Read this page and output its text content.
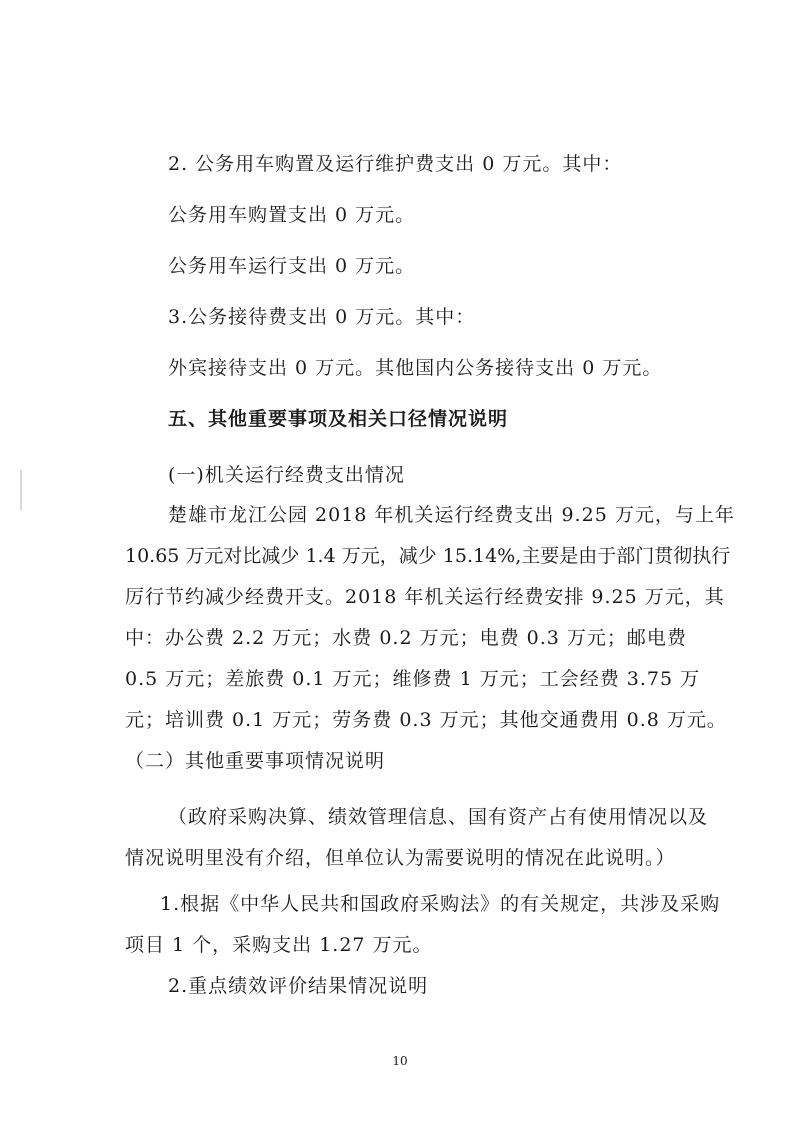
2. 公务用车购置及运行维护费支出 0 万元。其中：
公务用车购置支出 0 万元。
公务用车运行支出 0 万元。
3.公务接待费支出 0 万元。其中：
外宾接待支出 0 万元。其他国内公务接待支出 0 万元。
五、其他重要事项及相关口径情况说明
(一)机关运行经费支出情况
楚雄市龙江公园 2018 年机关运行经费支出 9.25 万元，与上年
10.65 万元对比减少 1.4 万元，减少 15.14%,主要是由于部门贯彻执行
厉行节约减少经费开支。2018 年机关运行经费安排 9.25 万元，其
中：办公费 2.2 万元；水费 0.2 万元；电费 0.3 万元；邮电费
0.5 万元；差旅费 0.1 万元；维修费 1 万元；工会经费 3.75 万
元；培训费 0.1 万元；劳务费 0.3 万元；其他交通费用 0.8 万元。
（二）其他重要事项情况说明
（政府采购决算、绩效管理信息、国有资产占有使用情况以及
情况说明里没有介绍，但单位认为需要说明的情况在此说明。）
1.根据《中华人民共和国政府采购法》的有关规定，共涉及采购
项目 1 个，采购支出 1.27 万元。
2.重点绩效评价结果情况说明
10
